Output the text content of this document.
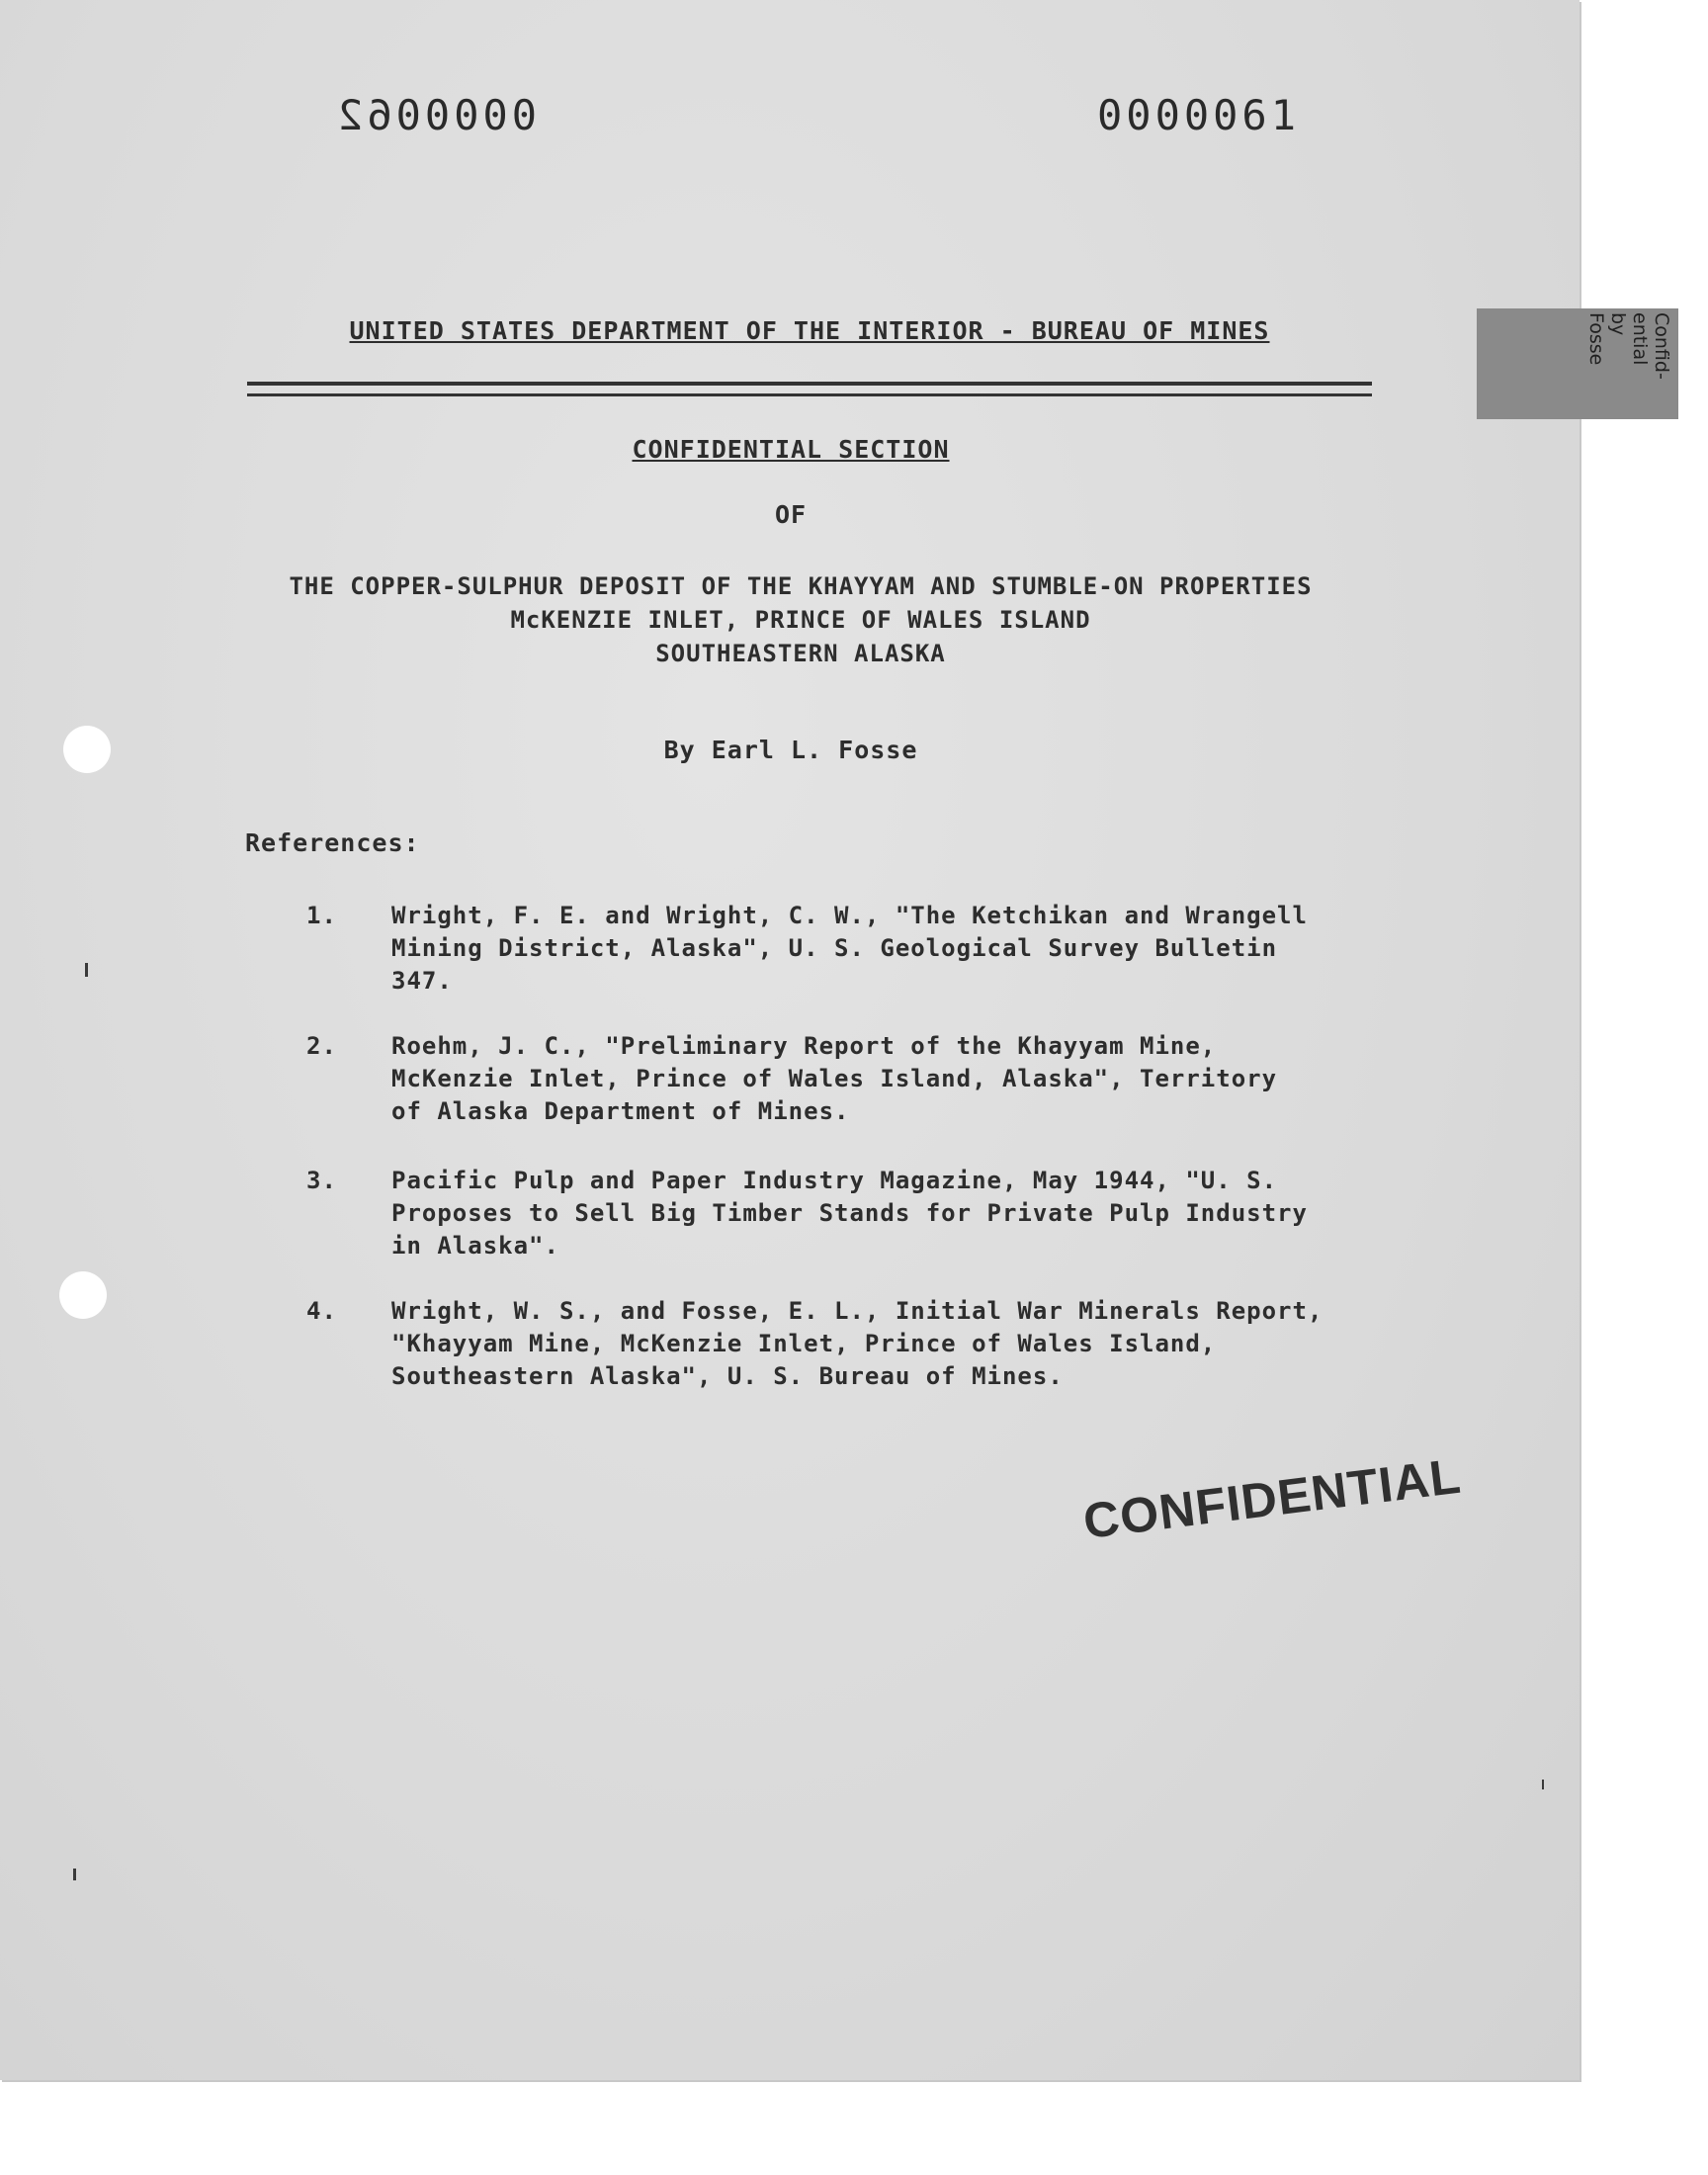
0000062	0000061
UNITED STATES DEPARTMENT OF THE INTERIOR - BUREAU OF MINES
CONFIDENTIAL SECTION
OF
THE COPPER-SULPHUR DEPOSIT OF THE KHAYYAM AND STUMBLE-ON PROPERTIES
McKENZIE INLET, PRINCE OF WALES ISLAND
SOUTHEASTERN ALASKA
By Earl L. Fosse
References:
1.	Wright, F. E. and Wright, C. W., "The Ketchikan and Wrangell
Mining District, Alaska", U. S. Geological Survey Bulletin
347.
2.	Roehm, J. C., "Preliminary Report of the Khayyam Mine,
McKenzie Inlet, Prince of Wales Island, Alaska", Territory
of Alaska Department of Mines.
3.	Pacific Pulp and Paper Industry Magazine, May 1944, "U. S.
Proposes to Sell Big Timber Stands for Private Pulp Industry
in Alaska".
4.	Wright, W. S., and Fosse, E. L., Initial War Minerals Report,
"Khayyam Mine, McKenzie Inlet, Prince of Wales Island,
Southeastern Alaska", U. S. Bureau of Mines.
CONFIDENTIAL
Confid-
ential
by
Fosse
